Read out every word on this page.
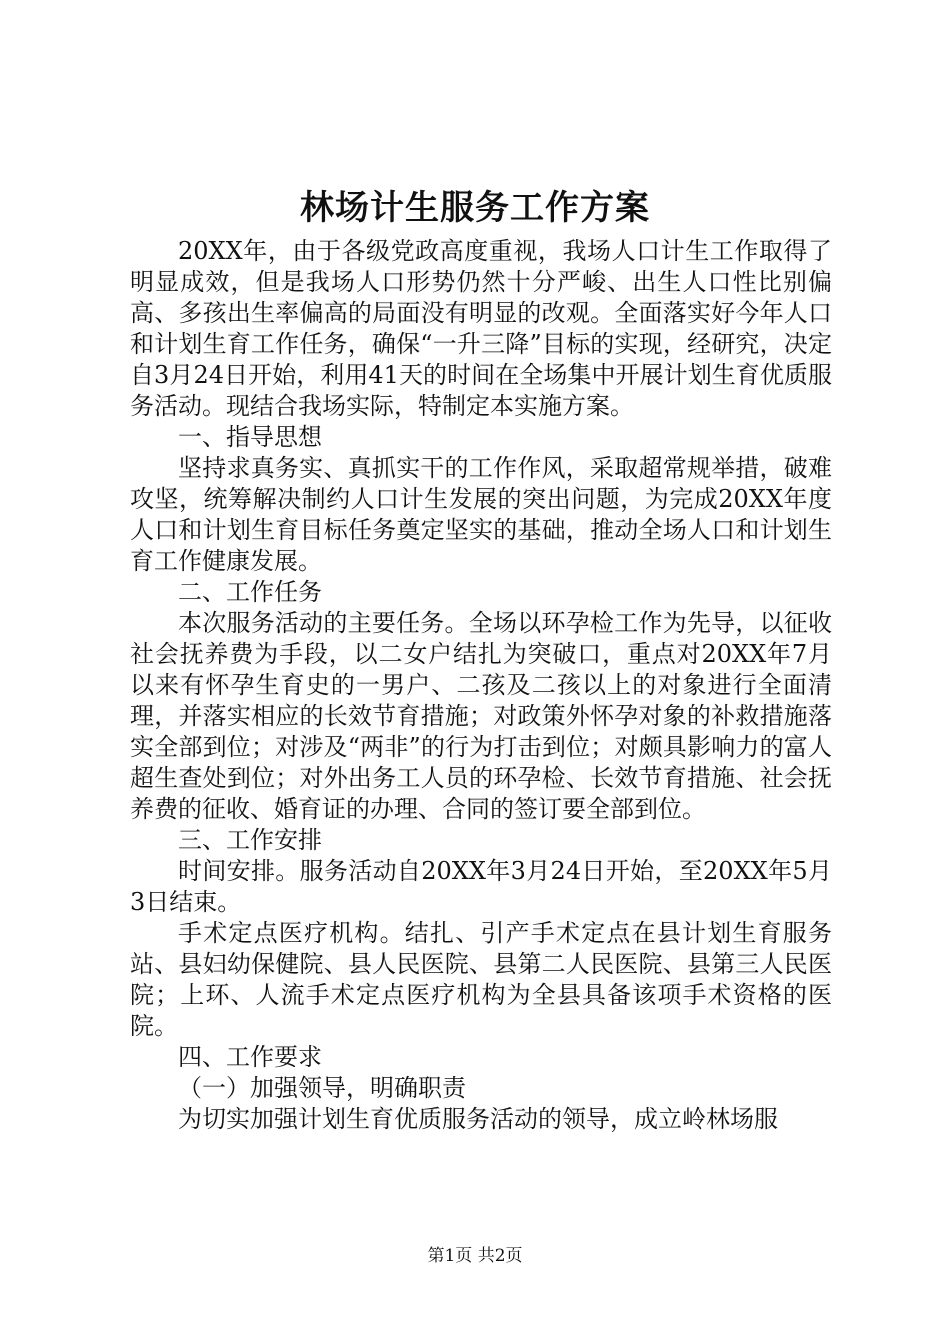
林场计生服务工作方案

20XX年，由于各级党政高度重视，我场人口计生工作取得了明显成效，但是我场人口形势仍然十分严峻、出生人口性比别偏高、多孩出生率偏高的局面没有明显的改观。全面落实好今年人口和计划生育工作任务，确保“一升三降”目标的实现，经研究，决定自3月24日开始，利用41天的时间在全场集中开展计划生育优质服务活动。现结合我场实际，特制定本实施方案。

一、指导思想

坚持求真务实、真抓实干的工作作风，采取超常规举措，破难攻坚，统筹解决制约人口计生发展的突出问题，为完成20XX年度人口和计划生育目标任务奠定坚实的基础，推动全场人口和计划生育工作健康发展。

二、工作任务

本次服务活动的主要任务。全场以环孕检工作为先导，以征收社会抚养费为手段，以二女户结扎为突破口，重点对20XX年7月以来有怀孕生育史的一男户、二孩及二孩以上的对象进行全面清理，并落实相应的长效节育措施；对政策外怀孕对象的补救措施落实全部到位；对涉及“两非”的行为打击到位；对颇具影响力的富人超生查处到位；对外出务工人员的环孕检、长效节育措施、社会抚养费的征收、婚育证的办理、合同的签订要全部到位。

三、工作安排

时间安排。服务活动自20XX年3月24日开始，至20XX年5月3日结束。

手术定点医疗机构。结扎、引产手术定点在县计划生育服务站、县妇幼保健院、县人民医院、县第二人民医院、县第三人民医院；上环、人流手术定点医疗机构为全县具备该项手术资格的医院。

四、工作要求

（一）加强领导，明确职责

为切实加强计划生育优质服务活动的领导，成立岭林场服

第1页 共2页
